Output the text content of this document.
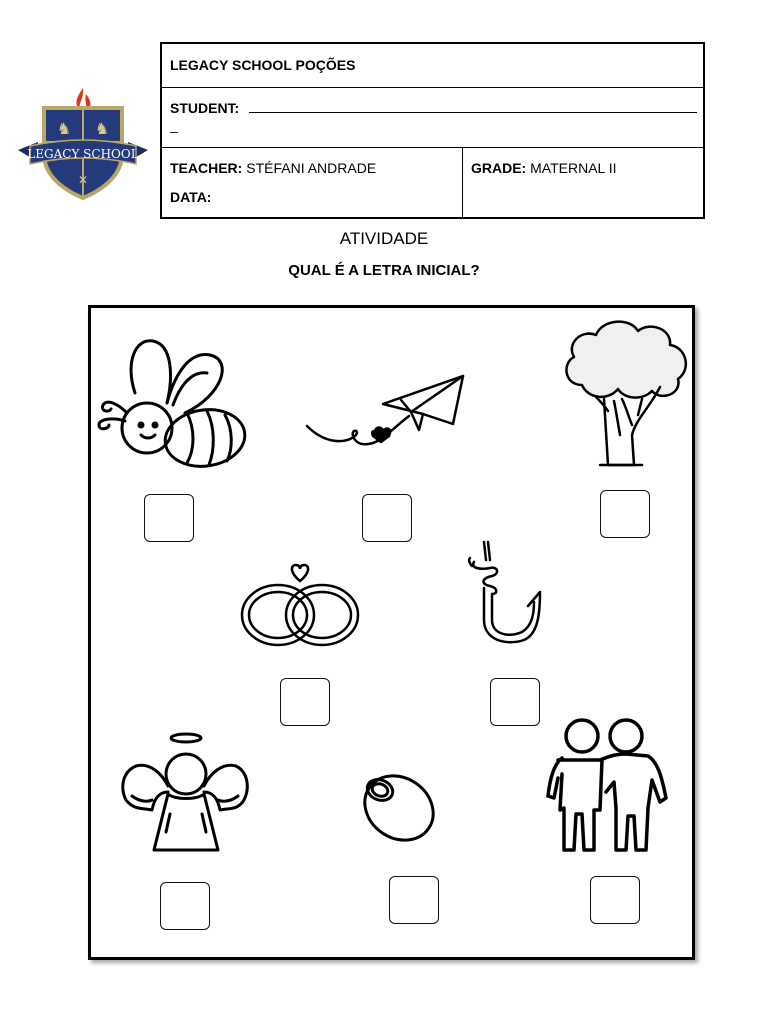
♞ ♞
✕
LEGACY SCHOOL
LEGACY SCHOOL POÇÕES
STUDENT:
_
TEACHER: STÉFANI ANDRADE
DATA:
GRADE: MATERNAL II
ATIVIDADE
QUAL É A LETRA INICIAL?
